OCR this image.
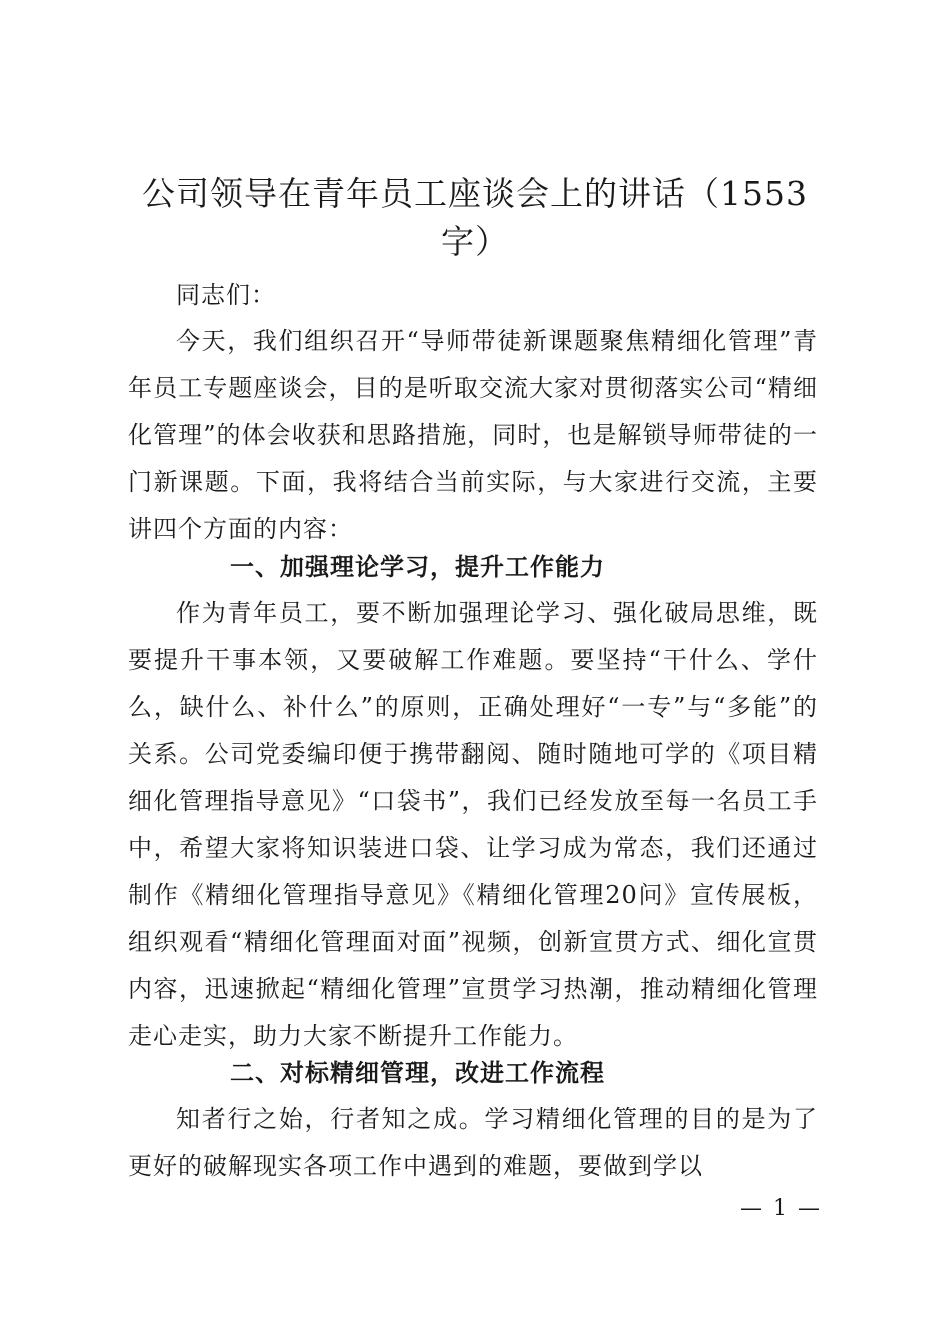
公司领导在青年员工座谈会上的讲话（1553字）
同志们：
今天，我们组织召开“导师带徒新课题聚焦精细化管理”青年员工专题座谈会，目的是听取交流大家对贯彻落实公司“精细化管理”的体会收获和思路措施，同时，也是解锁导师带徒的一门新课题。下面，我将结合当前实际，与大家进行交流，主要讲四个方面的内容：
一、加强理论学习，提升工作能力
作为青年员工，要不断加强理论学习、强化破局思维，既要提升干事本领，又要破解工作难题。要坚持“干什么、学什么，缺什么、补什么”的原则，正确处理好“一专”与“多能”的关系。公司党委编印便于携带翻阅、随时随地可学的《项目精细化管理指导意见》“口袋书”，我们已经发放至每一名员工手中，希望大家将知识装进口袋、让学习成为常态，我们还通过制作《精细化管理指导意见》《精细化管理20问》宣传展板，组织观看“精细化管理面对面”视频，创新宣贯方式、细化宣贯内容，迅速掀起“精细化管理”宣贯学习热潮，推动精细化管理走心走实，助力大家不断提升工作能力。
二、对标精细管理，改进工作流程
知者行之始，行者知之成。学习精细化管理的目的是为了更好的破解现实各项工作中遇到的难题，要做到学以
— 1 —
